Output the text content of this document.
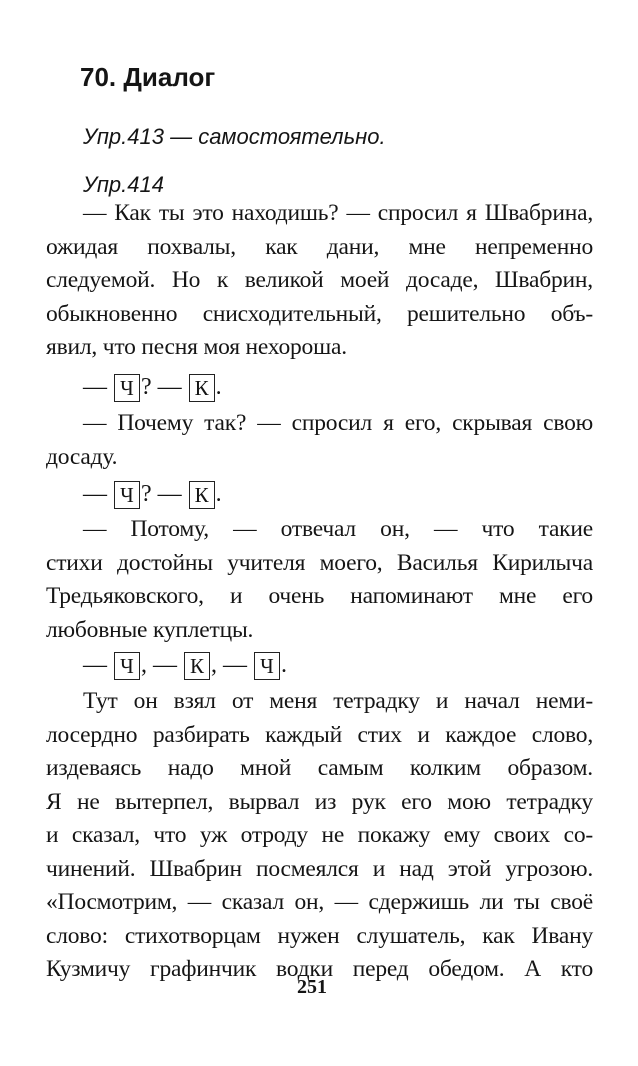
70. Диалог
Упр.413 — самостоятельно.
Упр.414
— Как ты это находишь? — спросил я Швабрина,
ожидая похвалы, как дани, мне непременно
следуемой. Но к великой моей досаде, Швабрин,
обыкновенно снисходительный, решительно объ-
явил, что песня моя нехороша.
— Ч ? — К .
— Почему так? — спросил я его, скрывая свою
досаду.
— Ч ? — К .
— Потому, — отвечал он, — что такие
стихи достойны учителя моего, Василья Кирилыча
Тредьяковского, и очень напоминают мне его
любовные куплетцы.
— Ч , — К , — Ч .
Тут он взял от меня тетрадку и начал неми-
лосердно разбирать каждый стих и каждое слово,
издеваясь надо мной самым колким образом.
Я не вытерпел, вырвал из рук его мою тетрадку
и сказал, что уж отроду не покажу ему своих со-
чинений. Швабрин посмеялся и над этой угрозою.
«Посмотрим, — сказал он, — сдержишь ли ты своё
слово: стихотворцам нужен слушатель, как Ивану
Кузмичу графинчик водки перед обедом. А кто
251
